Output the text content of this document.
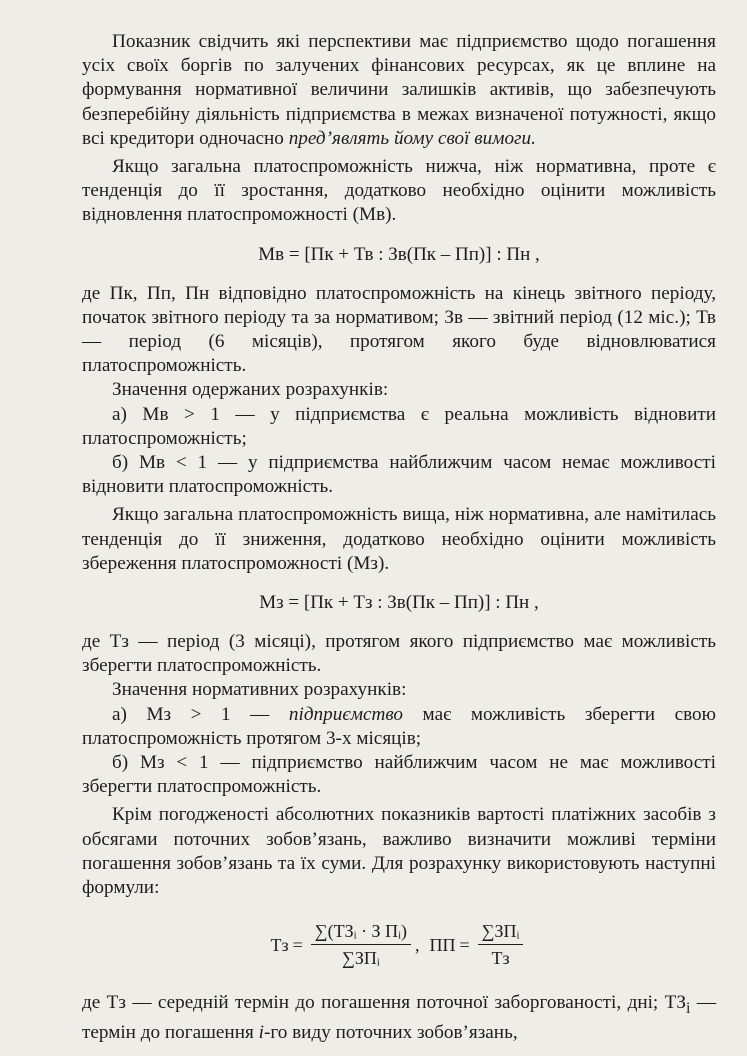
Показник свідчить які перспективи має підприємство щодо погашення усіх своїх боргів по залучених фінансових ресурсах, як це вплине на формування нормативної величини залишків активів, що забезпечують безперебійну діяльність підприємства в межах визначеної потужності, якщо всі кредитори одночасно пред’являть йому свої вимоги.

Якщо загальна платоспроможність нижча, ніж нормативна, проте є тенденція до її зростання, додатково необхідно оцінити можливість відновлення платоспроможності (Мв).

Мв = [Пк + Тв : Зв(Пк – Пп)] : Пн ,

де Пк, Пп, Пн відповідно платоспроможність на кінець звітного періоду, початок звітного періоду та за нормативом; Зв — звітний період (12 міс.); Тв — період (6 місяців), протягом якого буде відновлюватися платоспроможність.

Значення одержаних розрахунків:

а) Мв > 1 — у підприємства є реальна можливість відновити платоспроможність;

б) Мв < 1 — у підприємства найближчим часом немає можливості відновити платоспроможність.

Якщо загальна платоспроможність вища, ніж нормативна, але намітилась тенденція до її зниження, додатково необхідно оцінити можливість збереження платоспроможності (Мз).

Мз = [Пк + Тз : Зв(Пк – Пп)] : Пн ,

де Тз — період (3 місяці), протягом якого підприємство має можливість зберегти платоспроможність.

Значення нормативних розрахунків:

а) Мз > 1 — підприємство має можливість зберегти свою платоспроможність протягом 3-х місяців;

б) Мз < 1 — підприємство найближчим часом не має можливості зберегти платоспроможність.

Крім погодженості абсолютних показників вартості платіжних засобів з обсягами поточних зобов’язань, важливо визначити можливі терміни погашення зобов’язань та їх суми. Для розрахунку використовують наступні формули:

Тз = $\frac{\text{∑(ТЗᵢ · З Пᵢ)}}{\text{∑ЗПᵢ}}$ , ПП = $\frac{\text{∑ЗПᵢ}}{Тз}$

де Тз — середній термін до погашення поточної заборгованості, дні; $ТЗ_i$ — термін до погашення i-го виду поточних зобов’язань,
